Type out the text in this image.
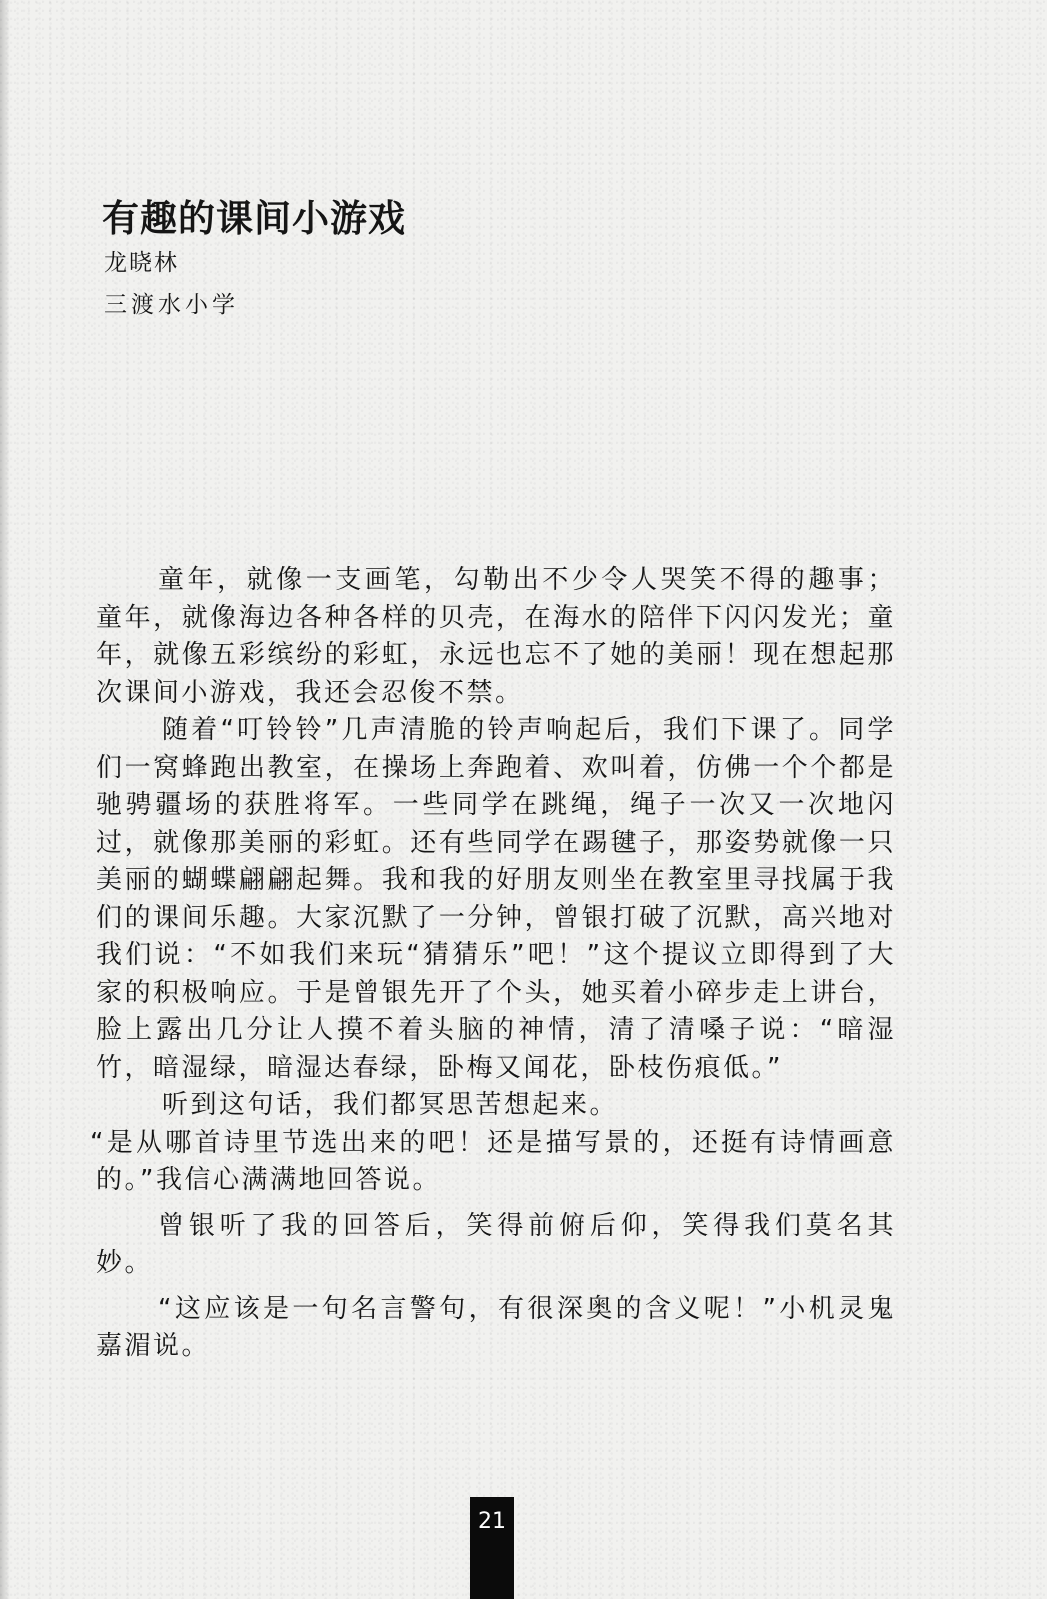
有趣的课间小游戏
龙晓林
三渡水小学

童年，就像一支画笔，勾勒出不少令人哭笑不得的趣事；童年，就像海边各种各样的贝壳，在海水的陪伴下闪闪发光；童年，就像五彩缤纷的彩虹，永远也忘不了她的美丽！现在想起那次课间小游戏，我还会忍俊不禁。

随着“叮铃铃”几声清脆的铃声响起后，我们下课了。同学们一窝蜂跑出教室，在操场上奔跑着、欢叫着，仿佛一个个都是驰骋疆场的获胜将军。一些同学在跳绳，绳子一次又一次地闪过，就像那美丽的彩虹。还有些同学在踢毽子，那姿势就像一只美丽的蝴蝶翩翩起舞。我和我的好朋友则坐在教室里寻找属于我们的课间乐趣。大家沉默了一分钟，曾银打破了沉默，高兴地对我们说：“不如我们来玩“猜猜乐”吧！”这个提议立即得到了大家的积极响应。于是曾银先开了个头，她买着小碎步走上讲台，脸上露出几分让人摸不着头脑的神情，清了清嗓子说：“暗湿竹，暗湿绿，暗湿达春绿，卧梅又闻花，卧枝伤痕低。”

听到这句话，我们都冥思苦想起来。

“是从哪首诗里节选出来的吧！还是描写景的，还挺有诗情画意的。”我信心满满地回答说。

曾银听了我的回答后，笑得前俯后仰，笑得我们莫名其妙。

“这应该是一句名言警句，有很深奥的含义呢！”小机灵鬼嘉湄说。

21
